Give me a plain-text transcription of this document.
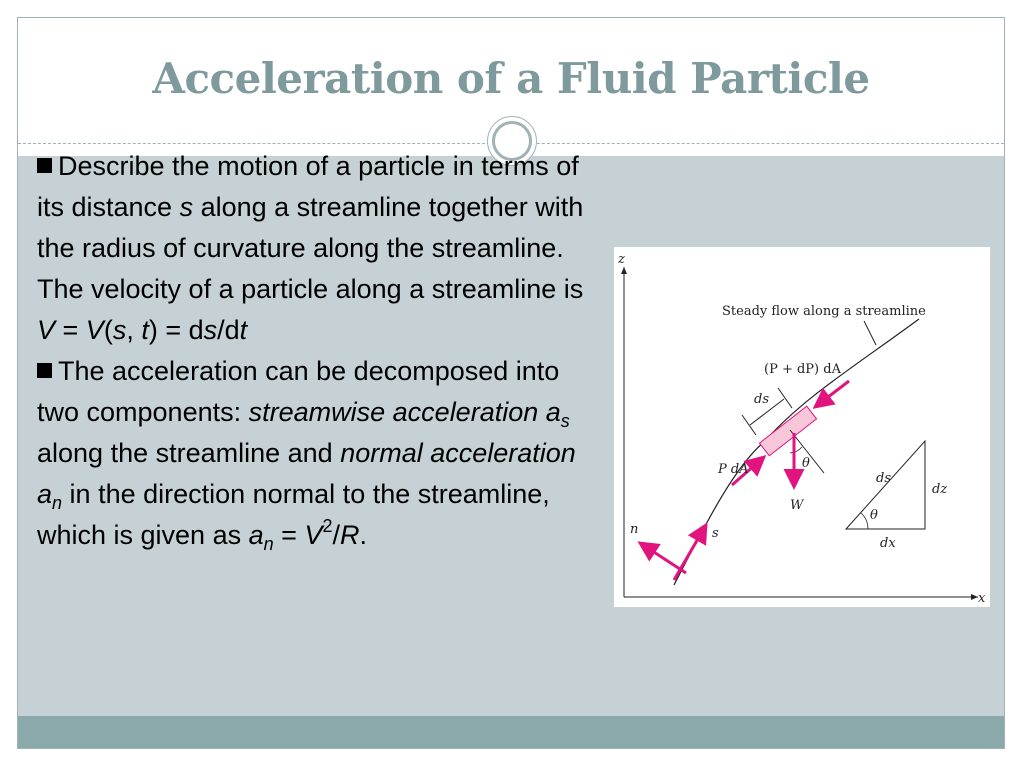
Acceleration of a Fluid Particle

Describe the motion of a particle in terms of its distance s along a streamline together with the radius of curvature along the streamline. The velocity of a particle along a streamline is V = V(s, t) = ds/dt

The acceleration can be decomposed into two components: streamwise acceleration $a_s$ along the streamline and normal acceleration $a_n$ in the direction normal to the streamline, which is given as $a_n = V^2/R$.

z
x
Steady flow along a streamline
θ
(P + dP) dA
P dA
W
ds
s
n
θ
ds
dz
dx
